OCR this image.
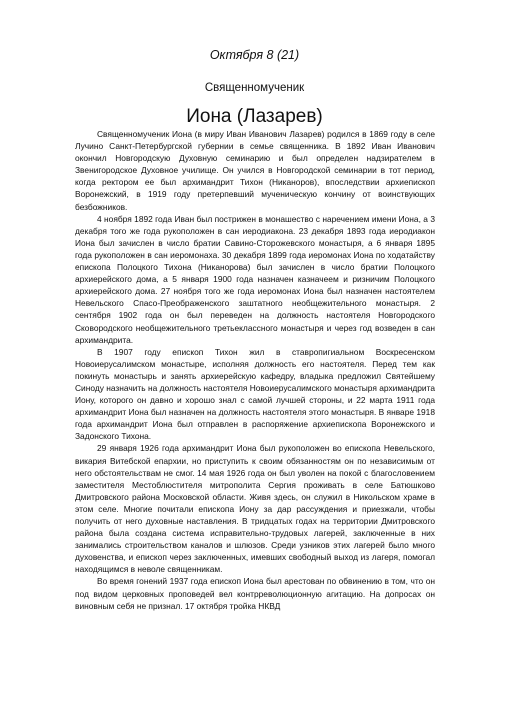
Октября 8 (21)
Священномученик
Иона (Лазарев)

Священномученик Иона (в миру Иван Иванович Лазарев) родился в 1869 году в селе Лучино Санкт-Петербургской губернии в семье священника. В 1892 Иван Иванович окончил Новгородскую Духовную семинарию и был определен надзирателем в Звенигородское Духовное училище. Он учился в Новгородской семинарии в тот период, когда ректором ее был архимандрит Тихон (Никаноров), впоследствии архиепископ Воронежский, в 1919 году претерпевший мученическую кончину от воинствующих безбожников.

4 ноября 1892 года Иван был пострижен в монашество с наречением имени Иона, а 3 декабря того же года рукоположен в сан иеродиакона. 23 декабря 1893 года иеродиакон Иона был зачислен в число братии Савино-Сторожевского монастыря, а 6 января 1895 года рукоположен в сан иеромонаха. 30 декабря 1899 года иеромонах Иона по ходатайству епископа Полоцкого Тихона (Никанорова) был зачислен в число братии Полоцкого архиерейского дома, а 5 января 1900 года назначен казначеем и ризничим Полоцкого архиерейского дома. 27 ноября того же года иеромонах Иона был назначен настоятелем Невельского Спасо-Преображенского заштатного необщежительного монастыря. 2 сентября 1902 года он был переведен на должность настоятеля Новгородского Сковородского необщежительного третьеклассного монастыря и через год возведен в сан архимандрита.

В 1907 году епископ Тихон жил в ставропигиальном Воскресенском Новоиерусалимском монастыре, исполняя должность его настоятеля. Перед тем как покинуть монастырь и занять архиерейскую кафедру, владыка предложил Святейшему Синоду назначить на должность настоятеля Новоиерусалимского монастыря архимандрита Иону, которого он давно и хорошо знал с самой лучшей стороны, и 22 марта 1911 года архимандрит Иона был назначен на должность настоятеля этого монастыря. В январе 1918 года архимандрит Иона был отправлен в распоряжение архиепископа Воронежского и Задонского Тихона.

29 января 1926 года архимандрит Иона был рукоположен во епископа Невельского, викария Витебской епархии, но приступить к своим обязанностям он по независимым от него обстоятельствам не смог. 14 мая 1926 года он был уволен на покой с благословением заместителя Местоблюстителя митрополита Сергия проживать в селе Батюшково Дмитровского района Московской области. Живя здесь, он служил в Никольском храме в этом селе. Многие почитали епископа Иону за дар рассуждения и приезжали, чтобы получить от него духовные наставления. В тридцатых годах на территории Дмитровского района была создана система исправительно-трудовых лагерей, заключенные в них занимались строительством каналов и шлюзов. Среди узников этих лагерей было много духовенства, и епископ через заключенных, имевших свободный выход из лагеря, помогал находящимся в неволе священникам.

Во время гонений 1937 года епископ Иона был арестован по обвинению в том, что он под видом церковных проповедей вел контрреволюционную агитацию. На допросах он виновным себя не признал. 17 октября тройка НКВД
